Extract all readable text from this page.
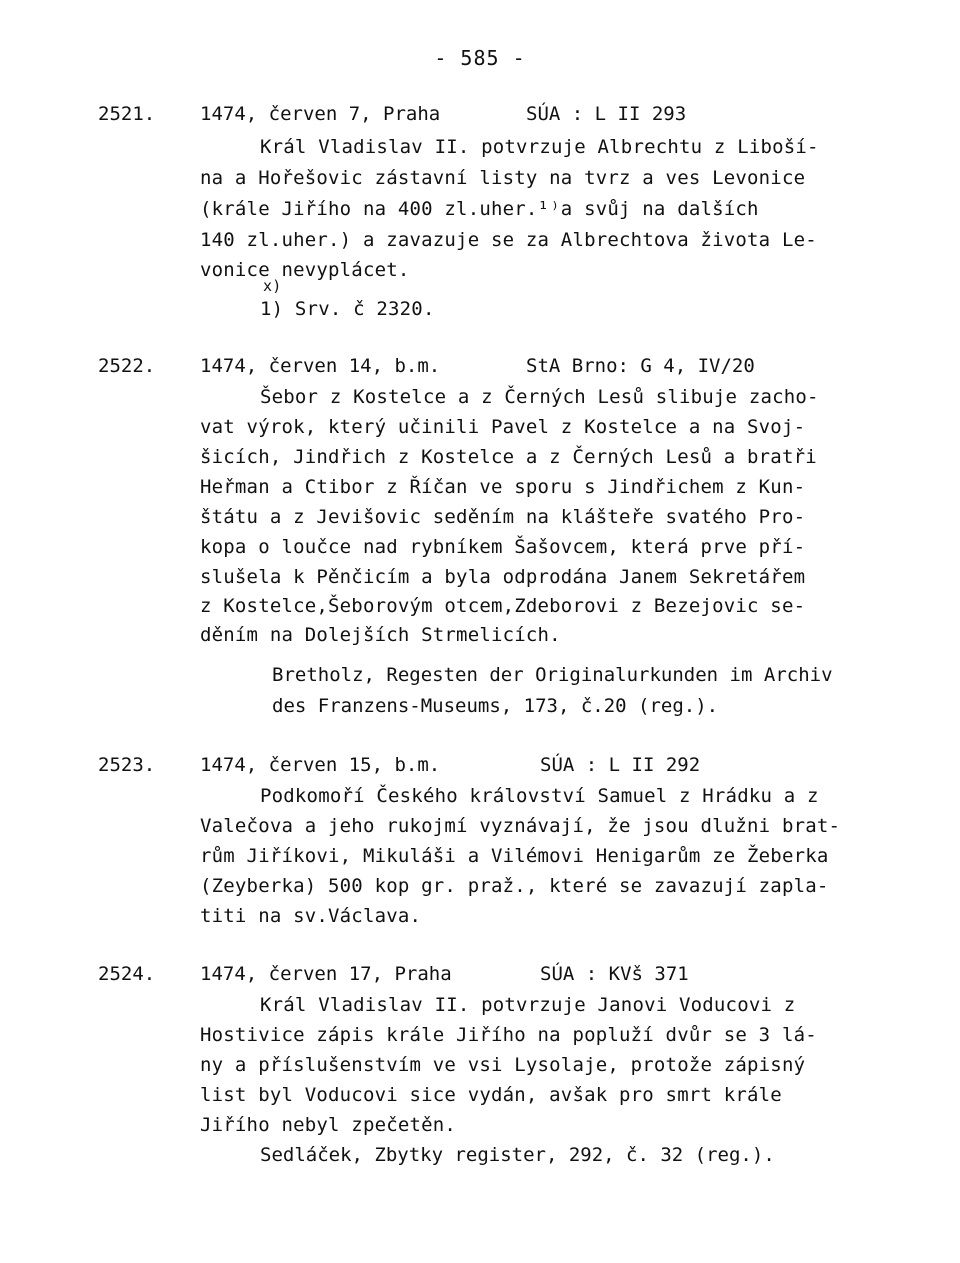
- 585 -
2521. 1474, červen 7, Praha	SÚA : L II 293
Král Vladislav II. potvrzuje Albrechtu z Liboší-
na a Hořešovic zástavní listy na tvrz a ves Levonice
(krále Jiřího na 400 zl.uher.¹⁾a svůj na dalších
140 zl.uher.) a zavazuje se za Albrechtova života Le-
vonice nevyplácet.
x)
1) Srv. č 2320.
2522. 1474, červen 14, b.m.	StA Brno: G 4, IV/20
Šebor z Kostelce a z Černých Lesů slibuje zacho-
vat výrok, který učinili Pavel z Kostelce a na Svoj-
šicích, Jindřich z Kostelce a z Černých Lesů a bratři
Heřman a Ctibor z Říčan ve sporu s Jindřichem z Kun-
štátu a z Jevišovic seděním na klášteře svatého Pro-
kopa o loučce nad rybníkem Šašovcem, která prve pří-
slušela k Pěnčicím a byla odprodána Janem Sekretářem
z Kostelce,Šeborovým otcem,Zdeborovi z Bezejovic se-
děním na Dolejších Strmelicích.
Bretholz, Regesten der Originalurkunden im Archiv
des Franzens-Museums, 173, č.20 (reg.).
2523. 1474, červen 15, b.m.	SÚA : L II 292
Podkomoří Českého království Samuel z Hrádku a z
Valečova a jeho rukojmí vyznávají, že jsou dlužni brat-
rům Jiříkovi, Mikuláši a Vilémovi Henigarům ze Žeberka
(Zeyberka) 500 kop gr. praž., které se zavazují zapla-
titi na sv.Václava.
2524. 1474, červen 17, Praha	SÚA : KVš 371
Král Vladislav II. potvrzuje Janovi Voducovi z
Hostivice zápis krále Jiřího na popluží dvůr se 3 lá-
ny a příslušenstvím ve vsi Lysolaje, protože zápisný
list byl Voducovi sice vydán, avšak pro smrt krále
Jiřího nebyl zpečetěn.
Sedláček, Zbytky register, 292, č. 32 (reg.).
